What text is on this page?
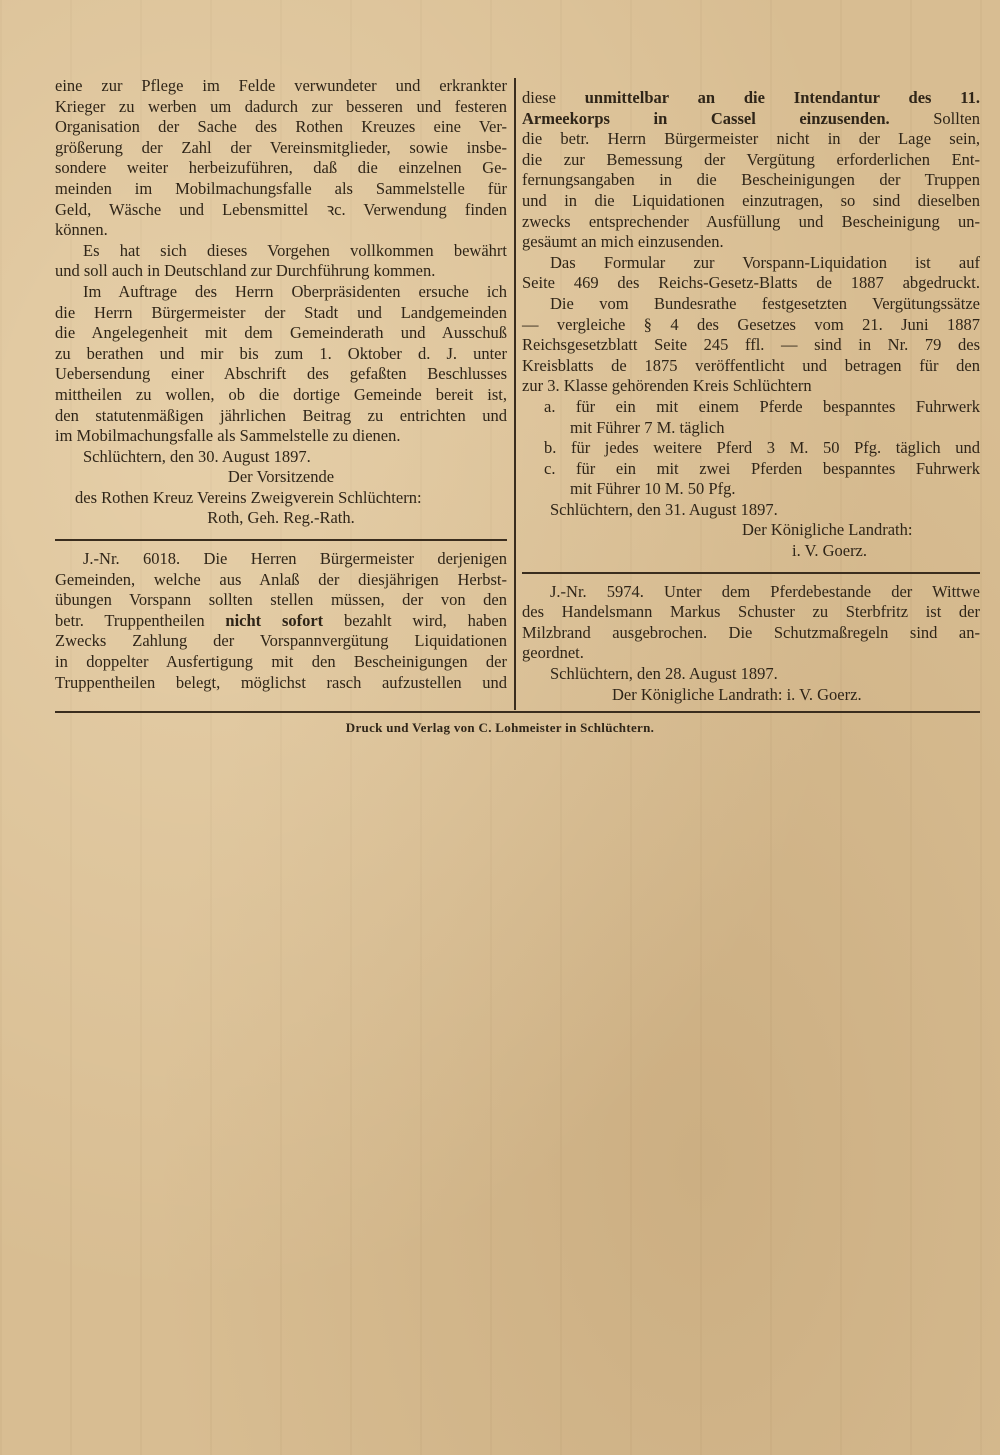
eine zur Pflege im Felde verwundeter und erkrankter
Krieger zu werben um dadurch zur besseren und festeren
Organisation der Sache des Rothen Kreuzes eine Ver-
größerung der Zahl der Vereinsmitglieder, sowie insbe-
sondere weiter herbeizuführen, daß die einzelnen Ge-
meinden im Mobilmachungsfalle als Sammelstelle für
Geld, Wäsche und Lebensmittel ꝛc. Verwendung finden
können.
Es hat sich dieses Vorgehen vollkommen bewährt
und soll auch in Deutschland zur Durchführung kommen.
Im Auftrage des Herrn Oberpräsidenten ersuche ich
die Herrn Bürgermeister der Stadt und Landgemeinden
die Angelegenheit mit dem Gemeinderath und Ausschuß
zu berathen und mir bis zum 1. Oktober d. J. unter
Uebersendung einer Abschrift des gefaßten Beschlusses
mittheilen zu wollen, ob die dortige Gemeinde bereit ist,
den statutenmäßigen jährlichen Beitrag zu entrichten und
im Mobilmachungsfalle als Sammelstelle zu dienen.
Schlüchtern, den 30. August 1897.
Der Vorsitzende
des Rothen Kreuz Vereins Zweigverein Schlüchtern:
Roth, Geh. Reg.-Rath.
J.-Nr. 6018. Die Herren Bürgermeister derjenigen
Gemeinden, welche aus Anlaß der diesjährigen Herbst-
übungen Vorspann sollten stellen müssen, der von den
betr. Truppentheilen nicht sofort bezahlt wird, haben
Zwecks Zahlung der Vorspannvergütung Liquidationen
in doppelter Ausfertigung mit den Bescheinigungen der
Truppentheilen belegt, möglichst rasch aufzustellen und
diese unmittelbar an die Intendantur des 11.
Armeekorps in Cassel einzusenden. Sollten
die betr. Herrn Bürgermeister nicht in der Lage sein,
die zur Bemessung der Vergütung erforderlichen Ent-
fernungsangaben in die Bescheinigungen der Truppen
und in die Liquidationen einzutragen, so sind dieselben
zwecks entsprechender Ausfüllung und Bescheinigung un-
gesäumt an mich einzusenden.
Das Formular zur Vorspann-Liquidation ist auf
Seite 469 des Reichs-Gesetz-Blatts de 1887 abgedruckt.
Die vom Bundesrathe festgesetzten Vergütungssätze
— vergleiche § 4 des Gesetzes vom 21. Juni 1887
Reichsgesetzblatt Seite 245 ffl. — sind in Nr. 79 des
Kreisblatts de 1875 veröffentlicht und betragen für den
zur 3. Klasse gehörenden Kreis Schlüchtern
a. für ein mit einem Pferde bespanntes Fuhrwerk
mit Führer 7 M. täglich
b. für jedes weitere Pferd 3 M. 50 Pfg. täglich und
c. für ein mit zwei Pferden bespanntes Fuhrwerk
mit Führer 10 M. 50 Pfg.
Schlüchtern, den 31. August 1897.
Der Königliche Landrath:
i. V. Goerz.
J.-Nr. 5974. Unter dem Pferdebestande der Wittwe
des Handelsmann Markus Schuster zu Sterbfritz ist der
Milzbrand ausgebrochen. Die Schutzmaßregeln sind an-
geordnet.
Schlüchtern, den 28. August 1897.
Der Königliche Landrath: i. V. Goerz.
Druck und Verlag von C. Lohmeister in Schlüchtern.
